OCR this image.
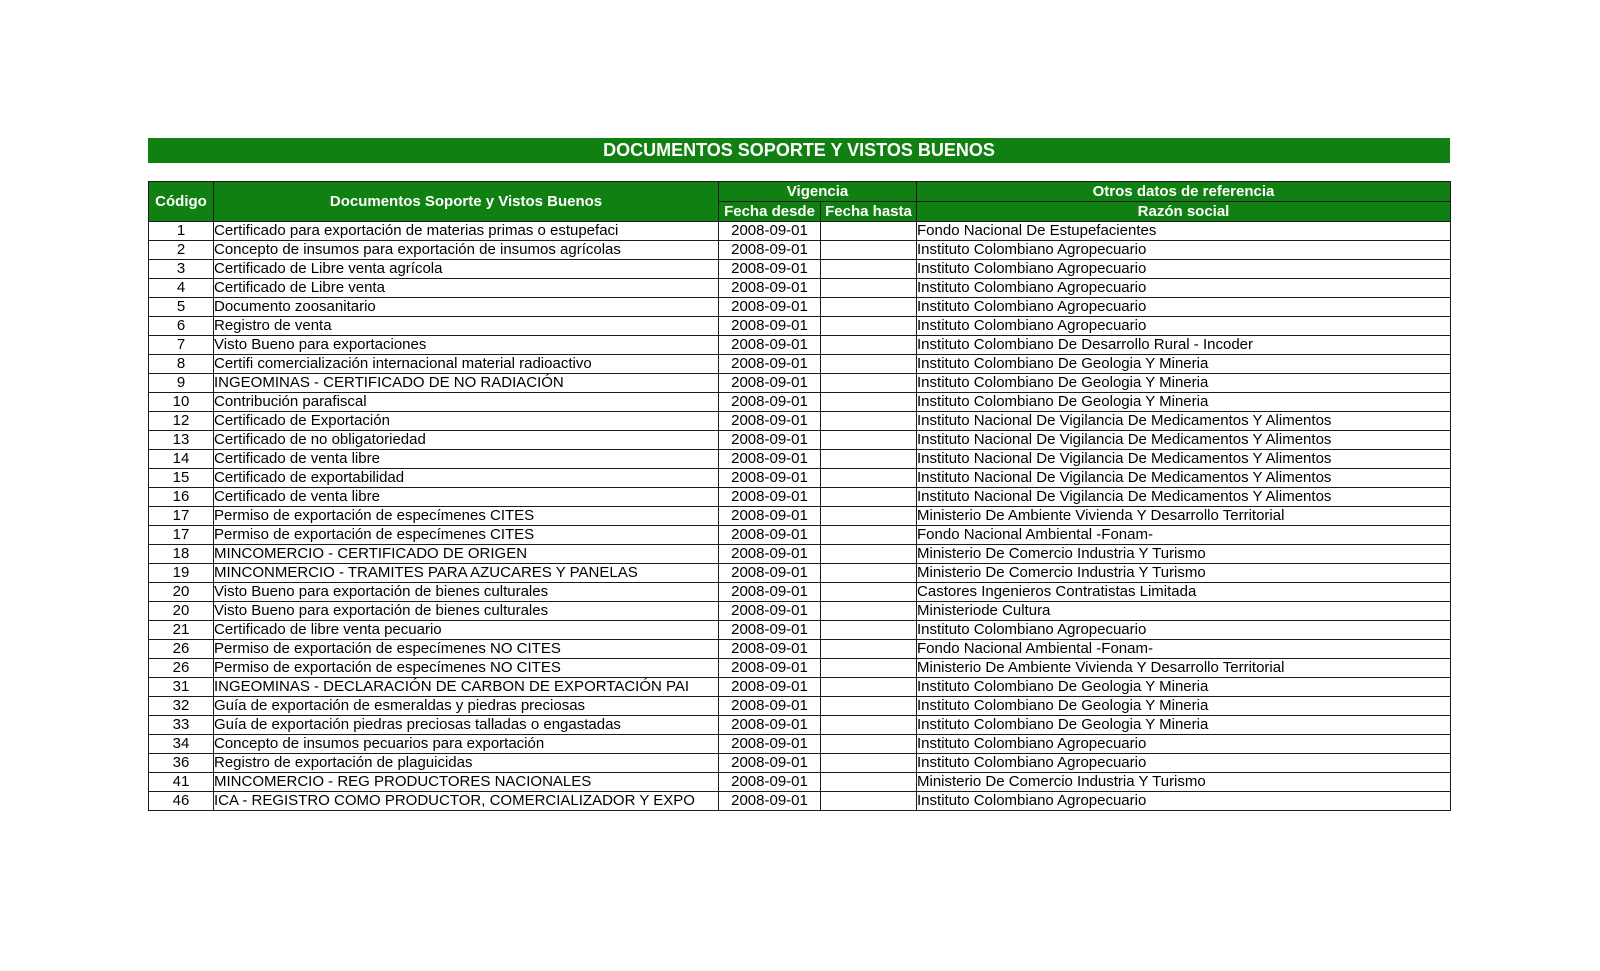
DOCUMENTOS SOPORTE Y VISTOS BUENOS
Código	Documentos Soporte y Vistos Buenos	Vigencia		Otros datos de referencia
		Fecha desde	Fecha hasta	Razón social
1	Certificado para exportación de materias primas o estupefaci	2008-09-01		Fondo Nacional De Estupefacientes
2	Concepto de insumos para exportación de insumos agrícolas	2008-09-01		Instituto Colombiano Agropecuario
3	Certificado de Libre venta agrícola	2008-09-01		Instituto Colombiano Agropecuario
4	Certificado de Libre venta	2008-09-01		Instituto Colombiano Agropecuario
5	Documento zoosanitario	2008-09-01		Instituto Colombiano Agropecuario
6	Registro de venta	2008-09-01		Instituto Colombiano Agropecuario
7	Visto Bueno para exportaciones	2008-09-01		Instituto Colombiano De Desarrollo Rural - Incoder
8	Certifi comercialización internacional material radioactivo	2008-09-01		Instituto Colombiano De Geologia Y Mineria
9	INGEOMINAS - CERTIFICADO DE NO RADIACIÓN	2008-09-01		Instituto Colombiano De Geologia Y Mineria
10	Contribución parafiscal	2008-09-01		Instituto Colombiano De Geologia Y Mineria
12	Certificado de Exportación	2008-09-01		Instituto Nacional De Vigilancia De Medicamentos Y Alimentos
13	Certificado de no obligatoriedad	2008-09-01		Instituto Nacional De Vigilancia De Medicamentos Y Alimentos
14	Certificado de venta libre	2008-09-01		Instituto Nacional De Vigilancia De Medicamentos Y Alimentos
15	Certificado de exportabilidad	2008-09-01		Instituto Nacional De Vigilancia De Medicamentos Y Alimentos
16	Certificado de venta libre	2008-09-01		Instituto Nacional De Vigilancia De Medicamentos Y Alimentos
17	Permiso de exportación de especímenes CITES	2008-09-01		Ministerio De Ambiente Vivienda Y Desarrollo Territorial
17	Permiso de exportación de especímenes CITES	2008-09-01		Fondo Nacional Ambiental -Fonam-
18	MINCOMERCIO - CERTIFICADO DE ORIGEN	2008-09-01		Ministerio De Comercio Industria Y Turismo
19	MINCONMERCIO - TRAMITES PARA AZUCARES Y PANELAS	2008-09-01		Ministerio De Comercio Industria Y Turismo
20	Visto Bueno para exportación de bienes culturales	2008-09-01		Castores Ingenieros Contratistas Limitada
20	Visto Bueno para exportación de bienes culturales	2008-09-01		Ministeriode Cultura
21	Certificado de libre venta pecuario	2008-09-01		Instituto Colombiano Agropecuario
26	Permiso de exportación de especímenes NO CITES	2008-09-01		Fondo Nacional Ambiental -Fonam-
26	Permiso de exportación de especímenes NO CITES	2008-09-01		Ministerio De Ambiente Vivienda Y Desarrollo Territorial
31	INGEOMINAS - DECLARACIÓN DE CARBON DE EXPORTACIÓN PAI	2008-09-01		Instituto Colombiano De Geologia Y Mineria
32	Guía de exportación de esmeraldas y piedras preciosas	2008-09-01		Instituto Colombiano De Geologia Y Mineria
33	Guía de exportación piedras preciosas talladas o engastadas	2008-09-01		Instituto Colombiano De Geologia Y Mineria
34	Concepto de insumos pecuarios para exportación	2008-09-01		Instituto Colombiano Agropecuario
36	Registro de exportación de plaguicidas	2008-09-01		Instituto Colombiano Agropecuario
41	MINCOMERCIO - REG PRODUCTORES NACIONALES	2008-09-01		Ministerio De Comercio Industria Y Turismo
46	ICA - REGISTRO COMO PRODUCTOR, COMERCIALIZADOR Y EXPO	2008-09-01		Instituto Colombiano Agropecuario
